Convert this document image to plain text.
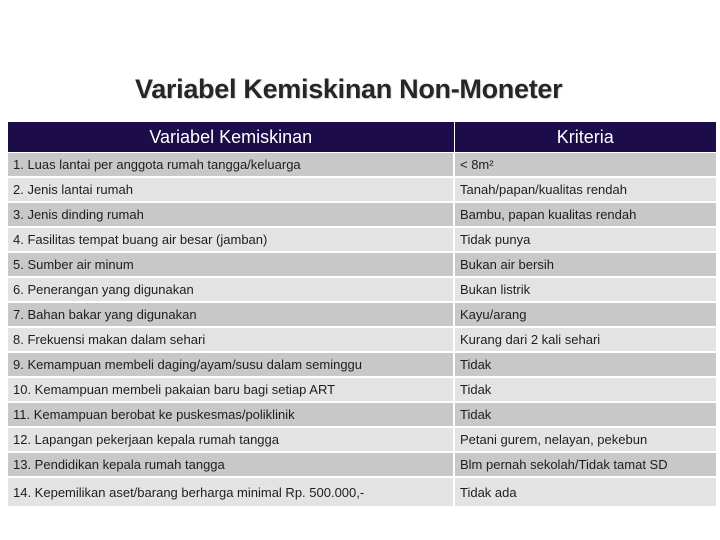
Variabel Kemiskinan Non-Moneter
Variabel Kemiskinan	Kriteria
1. Luas lantai per anggota rumah tangga/keluarga	< 8m²
2. Jenis lantai rumah	Tanah/papan/kualitas rendah
3. Jenis dinding rumah	Bambu, papan kualitas rendah
4. Fasilitas tempat buang air besar (jamban)	Tidak punya
5. Sumber air minum	Bukan air bersih
6. Penerangan yang digunakan	Bukan listrik
7. Bahan bakar yang digunakan	Kayu/arang
8. Frekuensi makan dalam sehari	Kurang dari 2 kali sehari
9. Kemampuan membeli daging/ayam/susu dalam seminggu	Tidak
10. Kemampuan membeli pakaian baru bagi setiap ART	Tidak
11. Kemampuan berobat ke puskesmas/poliklinik	Tidak
12. Lapangan pekerjaan kepala rumah tangga	Petani gurem, nelayan, pekebun
13. Pendidikan kepala rumah tangga	Blm pernah sekolah/Tidak tamat SD
14. Kepemilikan aset/barang berharga minimal Rp. 500.000,-	Tidak ada
